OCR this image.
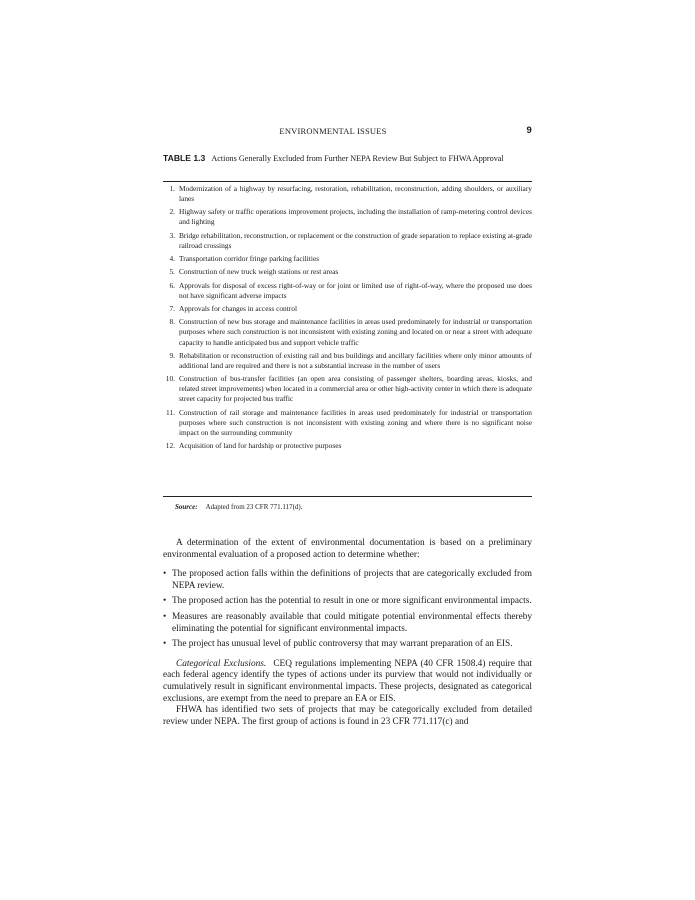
ENVIRONMENTAL ISSUES	9
TABLE 1.3 Actions Generally Excluded from Further NEPA Review But Subject to FHWA Approval
1. Modernization of a highway by resurfacing, restoration, rehabilitation, reconstruction, adding shoulders, or auxiliary lanes
2. Highway safety or traffic operations improvement projects, including the installation of ramp-metering control devices and lighting
3. Bridge rehabilitation, reconstruction, or replacement or the construction of grade separation to replace existing at-grade railroad crossings
4. Transportation corridor fringe parking facilities
5. Construction of new truck weigh stations or rest areas
6. Approvals for disposal of excess right-of-way or for joint or limited use of right-of-way, where the proposed use does not have significant adverse impacts
7. Approvals for changes in access control
8. Construction of new bus storage and maintenance facilities in areas used predominately for industrial or transportation purposes where such construction is not inconsistent with existing zoning and located on or near a street with adequate capacity to handle anticipated bus and support vehicle traffic
9. Rehabilitation or reconstruction of existing rail and bus buildings and ancillary facilities where only minor amounts of additional land are required and there is not a substantial increase in the number of users
10. Construction of bus-transfer facilities (an open area consisting of passenger shelters, boarding areas, kiosks, and related street improvements) when located in a commercial area or other high-activity center in which there is adequate street capacity for projected bus traffic
11. Construction of rail storage and maintenance facilities in areas used predominately for industrial or transportation purposes where such construction is not inconsistent with existing zoning and where there is no significant noise impact on the surrounding community
12. Acquisition of land for hardship or protective purposes
Source: Adapted from 23 CFR 771.117(d).

A determination of the extent of environmental documentation is based on a preliminary environmental evaluation of a proposed action to determine whether:

• The proposed action falls within the definitions of projects that are categorically excluded from NEPA review.
• The proposed action has the potential to result in one or more significant environmental impacts.
• Measures are reasonably available that could mitigate potential environmental effects thereby eliminating the potential for significant environmental impacts.
• The project has unusual level of public controversy that may warrant preparation of an EIS.

Categorical Exclusions. CEQ regulations implementing NEPA (40 CFR 1508.4) require that each federal agency identify the types of actions under its purview that would not individually or cumulatively result in significant environmental impacts. These projects, designated as categorical exclusions, are exempt from the need to prepare an EA or EIS.

FHWA has identified two sets of projects that may be categorically excluded from detailed review under NEPA. The first group of actions is found in 23 CFR 771.117(c) and
